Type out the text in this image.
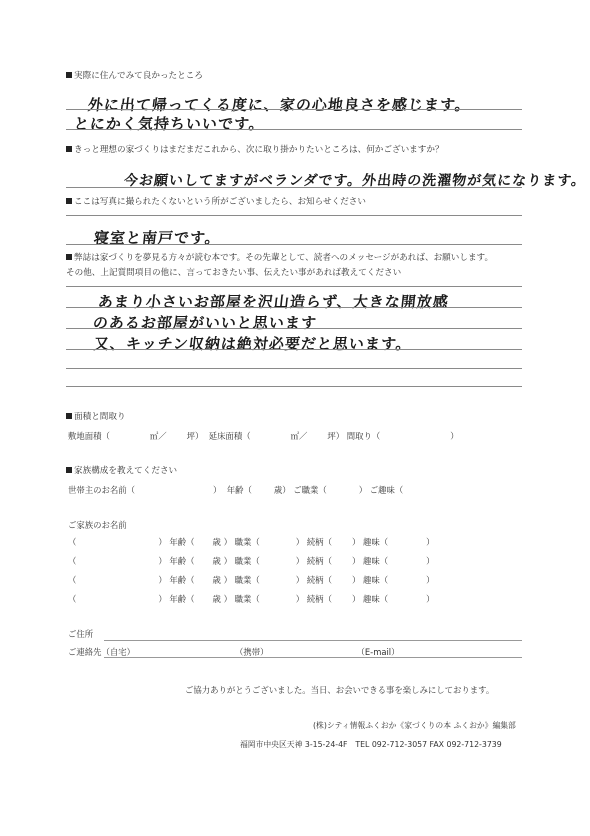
実際に住んでみて良かったところ
外に出て帰ってくる度に、家の心地良さを感じます。
とにかく気持ちいいです。
きっと理想の家づくりはまだまだこれから、次に取り掛かりたいところは、何かございますか？
今お願いしてますがベランダです。外出時の洗濯物が気になります。
ここは写真に撮られたくないという所がございましたら、お知らせください
寝室と南戸です。
弊誌は家づくりを夢見る方々が読む本です。その先輩として、読者へのメッセージがあれば、お願いします。
その他、上記質問項目の他に、言っておきたい事、伝えたい事があれば教えてください
あまり小さいお部屋を沢山造らず、大きな開放感
のあるお部屋がいいと思います
又、キッチン収納は絶対必要だと思います。
面積と間取り
敷地面積（	㎡／ 坪） 延床面積（	㎡／ 坪） 間取り（	）
家族構成を教えてください
世帯主のお名前（	） 年齢（	歳） ご職業（	） ご趣味（
ご家族のお名前
（	） 年齢（ 歳 ） 職業（	） 続柄（ ） 趣味（	）
（	） 年齢（ 歳 ） 職業（	） 続柄（ ） 趣味（	）
（	） 年齢（ 歳 ） 職業（	） 続柄（ ） 趣味（	）
（	） 年齢（ 歳 ） 職業（	） 続柄（ ） 趣味（	）
ご住所
ご連絡先（自宅）	（携帯）	（E-mail）
ご協力ありがとうございました。当日、お会いできる事を楽しみにしております。
(株)シティ情報ふくおか《家づくりの本 ふくおか》編集部
福岡市中央区天神 3-15-24-4F　TEL 092-712-3057 FAX 092-712-3739
